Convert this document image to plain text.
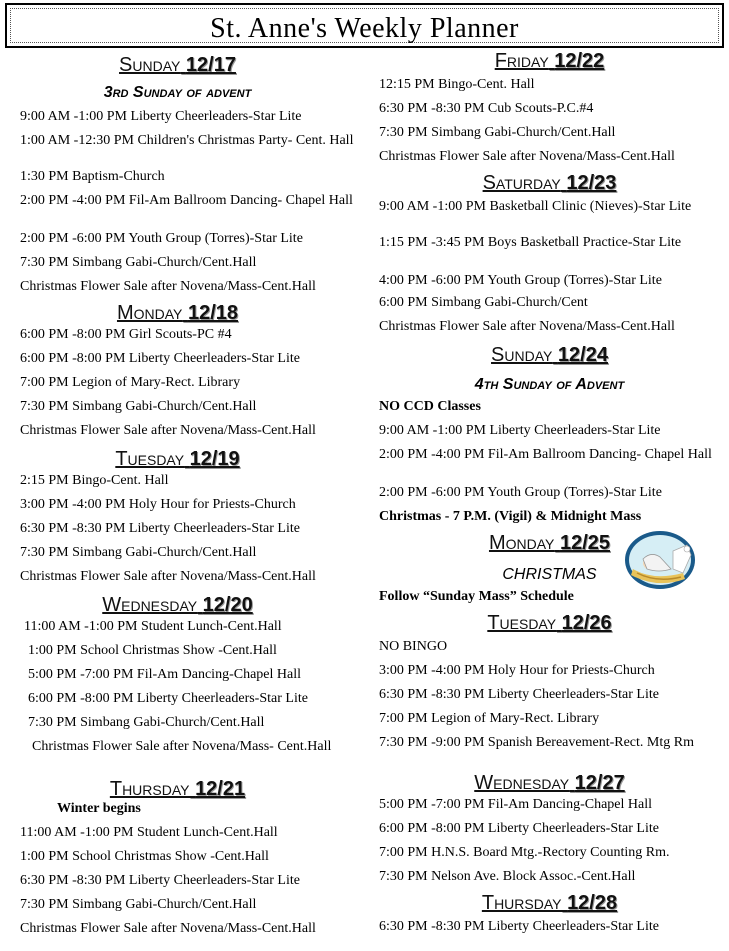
St. Anne's Weekly Planner
Sunday 12/17
3rd Sunday of advent
9:00 AM -1:00 PM Liberty Cheerleaders-Star Lite
1:00 AM -12:30 PM Children's Christmas Party- Cent. Hall
1:30 PM Baptism-Church
2:00 PM -4:00 PM Fil-Am Ballroom Dancing- Chapel Hall
2:00 PM -6:00 PM Youth Group (Torres)-Star Lite
7:30 PM Simbang Gabi-Church/Cent.Hall
Christmas Flower Sale after Novena/Mass-Cent.Hall
Monday 12/18
6:00 PM -8:00 PM Girl Scouts-PC #4
6:00 PM -8:00 PM Liberty Cheerleaders-Star Lite
7:00 PM Legion of Mary-Rect. Library
7:30 PM Simbang Gabi-Church/Cent.Hall
Christmas Flower Sale after Novena/Mass-Cent.Hall
Tuesday 12/19
2:15 PM Bingo-Cent. Hall
3:00 PM -4:00 PM Holy Hour for Priests-Church
6:30 PM -8:30 PM Liberty Cheerleaders-Star Lite
7:30 PM Simbang Gabi-Church/Cent.Hall
Christmas Flower Sale after Novena/Mass-Cent.Hall
Wednesday 12/20
11:00 AM -1:00 PM Student Lunch-Cent.Hall
1:00 PM School Christmas Show -Cent.Hall
5:00 PM -7:00 PM Fil-Am Dancing-Chapel Hall
6:00 PM -8:00 PM Liberty Cheerleaders-Star Lite
7:30 PM Simbang Gabi-Church/Cent.Hall
Christmas Flower Sale after Novena/Mass- Cent.Hall
Thursday 12/21
Winter begins
11:00 AM -1:00 PM Student Lunch-Cent.Hall
1:00 PM School Christmas Show -Cent.Hall
6:30 PM -8:30 PM Liberty Cheerleaders-Star Lite
7:30 PM Simbang Gabi-Church/Cent.Hall
Christmas Flower Sale after Novena/Mass-Cent.Hall
Friday 12/22
12:15 PM Bingo-Cent. Hall
6:30 PM -8:30 PM Cub Scouts-P.C.#4
7:30 PM Simbang Gabi-Church/Cent.Hall
Christmas Flower Sale after Novena/Mass-Cent.Hall
Saturday 12/23
9:00 AM -1:00 PM Basketball Clinic (Nieves)-Star Lite
1:15 PM -3:45 PM Boys Basketball Practice-Star Lite
4:00 PM -6:00 PM Youth Group (Torres)-Star Lite
6:00 PM Simbang Gabi-Church/Cent
Christmas Flower Sale after Novena/Mass-Cent.Hall
Sunday 12/24
4th Sunday of Advent
NO CCD Classes
9:00 AM -1:00 PM Liberty Cheerleaders-Star Lite
2:00 PM -4:00 PM Fil-Am Ballroom Dancing- Chapel Hall
2:00 PM -6:00 PM Youth Group (Torres)-Star Lite
Christmas - 7 P.M. (Vigil) & Midnight Mass
Monday 12/25
CHRISTMAS
Follow “Sunday Mass” Schedule
Tuesday 12/26
NO BINGO
3:00 PM -4:00 PM Holy Hour for Priests-Church
6:30 PM -8:30 PM Liberty Cheerleaders-Star Lite
7:00 PM Legion of Mary-Rect. Library
7:30 PM -9:00 PM Spanish Bereavement-Rect. Mtg Rm
Wednesday 12/27
5:00 PM -7:00 PM Fil-Am Dancing-Chapel Hall
6:00 PM -8:00 PM Liberty Cheerleaders-Star Lite
7:00 PM H.N.S. Board Mtg.-Rectory Counting Rm.
7:30 PM Nelson Ave. Block Assoc.-Cent.Hall
Thursday 12/28
6:30 PM -8:30 PM Liberty Cheerleaders-Star Lite
